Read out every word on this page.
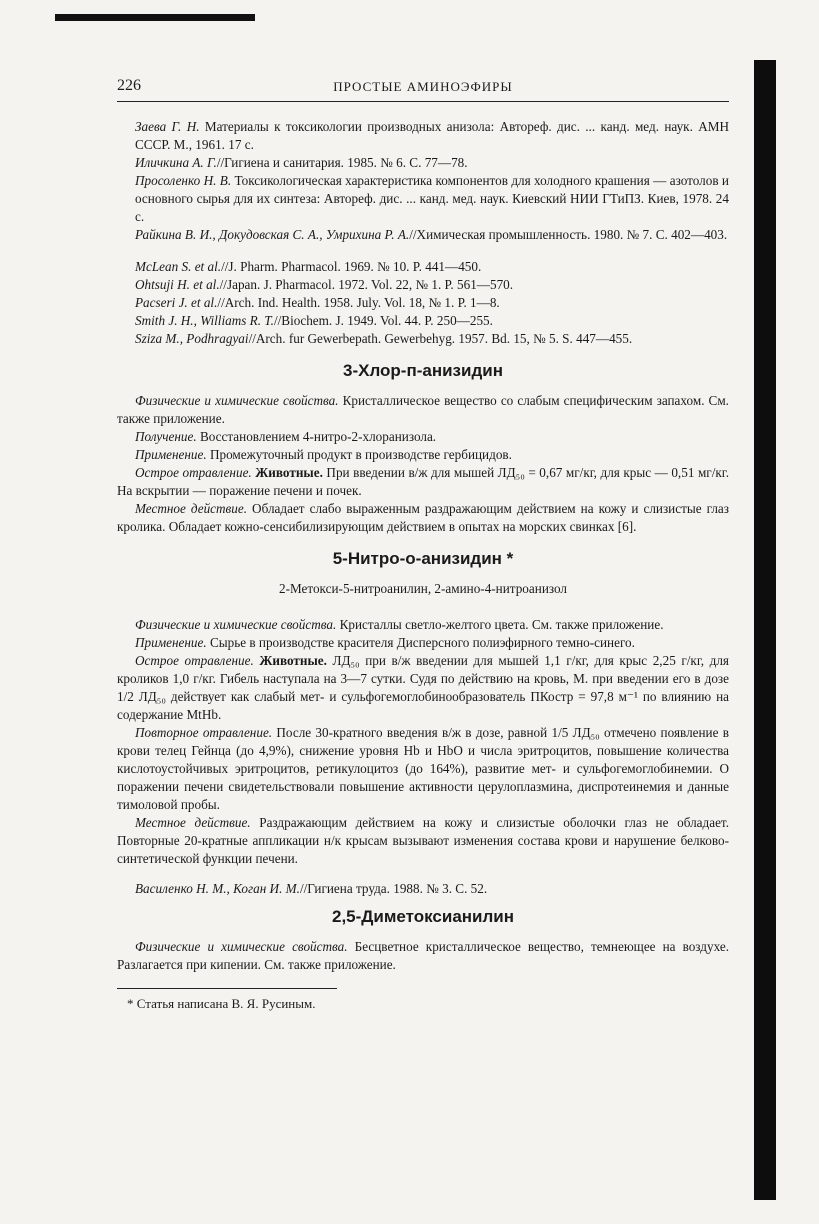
226	ПРОСТЫЕ АМИНОЭФИРЫ

Заева Г. Н. Материалы к токсикологии производных анизола: Автореф. дис. ... канд. мед. наук. АМН СССР. М., 1961. 17 с.

Иличкина А. Г.//Гигиена и санитария. 1985. № 6. С. 77—78.

Просоленко Н. В. Токсикологическая характеристика компонентов для холодного крашения — азотолов и основного сырья для их синтеза: Автореф. дис. ... канд. мед. наук. Киевский НИИ ГТиПЗ. Киев, 1978. 24 с.

Райкина В. И., Докудовская С. А., Умрихина Р. А.//Химическая промышленность. 1980. № 7. С. 402—403.

McLean S. et al.//J. Pharm. Pharmacol. 1969. № 10. P. 441—450.

Ohtsuji H. et al.//Japan. J. Pharmacol. 1972. Vol. 22, № 1. P. 561—570.

Pacseri J. et al.//Arch. Ind. Health. 1958. July. Vol. 18, № 1. P. 1—8.

Smith J. H., Williams R. T.//Biochem. J. 1949. Vol. 44. P. 250—255.

Sziza M., Podhragyai//Arch. fur Gewerbepath. Gewerbehyg. 1957. Bd. 15, № 5. S. 447—455.

3-Хлор-п-анизидин

Физические и химические свойства. Кристаллическое вещество со слабым специфическим запахом. См. также приложение.

Получение. Восстановлением 4-нитро-2-хлоранизола.

Применение. Промежуточный продукт в производстве гербицидов.

Острое отравление. Животные. При введении в/ж для мышей ЛД₅₀ = 0,67 мг/кг, для крыс — 0,51 мг/кг. На вскрытии — поражение печени и почек.

Местное действие. Обладает слабо выраженным раздражающим действием на кожу и слизистые глаз кролика. Обладает кожно-сенсибилизирующим действием в опытах на морских свинках [6].

5-Нитро-о-анизидин *
2-Метокси-5-нитроанилин, 2-амино-4-нитроанизол

Физические и химические свойства. Кристаллы светло-желтого цвета. См. также приложение.

Применение. Сырье в производстве красителя Дисперсного полиэфирного темно-синего.

Острое отравление. Животные. ЛД₅₀ при в/ж введении для мышей 1,1 г/кг, для крыс 2,25 г/кг, для кроликов 1,0 г/кг. Гибель наступала на 3—7 сутки. Судя по действию на кровь, М. при введении его в дозе 1/2 ЛД₅₀ действует как слабый мет- и сульфогемоглобинообразователь ПКостр = 97,8 м⁻¹ по влиянию на содержание MtHb.

Повторное отравление. После 30-кратного введения в/ж в дозе, равной 1/5 ЛД₅₀ отмечено появление в крови телец Гейнца (до 4,9%), снижение уровня Hb и HbO и числа эритроцитов, повышение количества кислотоустойчивых эритроцитов, ретикулоцитоз (до 164%), развитие мет- и сульфогемоглобинемии. О поражении печени свидетельствовали повышение активности церулоплазмина, диспротеинемия и данные тимоловой пробы.

Местное действие. Раздражающим действием на кожу и слизистые оболочки глаз не обладает. Повторные 20-кратные аппликации н/к крысам вызывают изменения состава крови и нарушение белково-синтетической функции печени.

Василенко Н. М., Коган И. М.//Гигиена труда. 1988. № 3. С. 52.

2,5-Диметоксианилин

Физические и химические свойства. Бесцветное кристаллическое вещество, темнеющее на воздухе. Разлагается при кипении. См. также приложение.

* Статья написана В. Я. Русиным.
